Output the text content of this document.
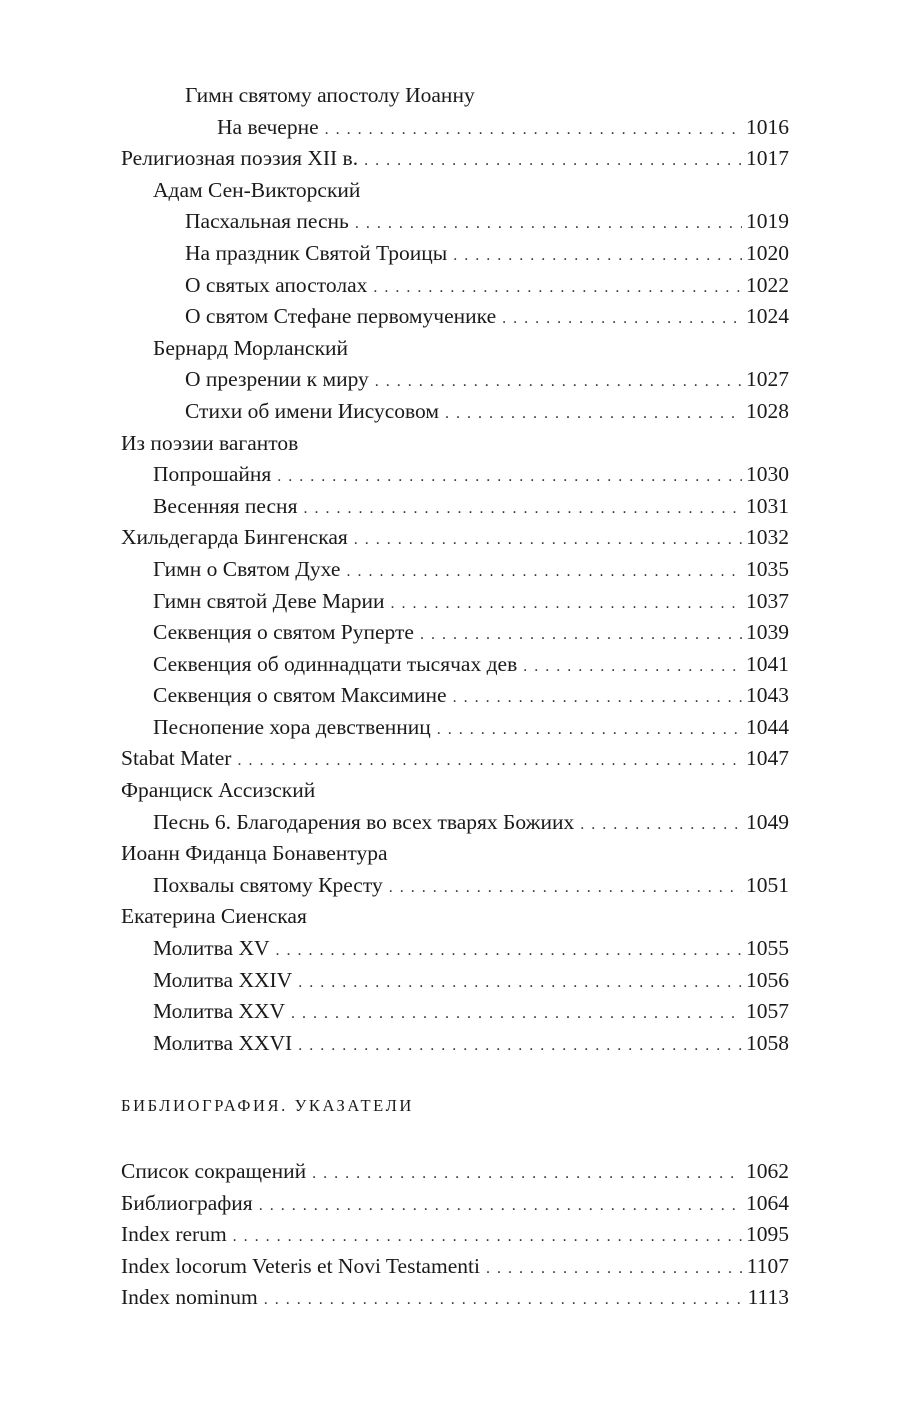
Гимн святому апостолу Иоанну
На вечерне . . .	1016
Религиозная поэзия XII в. . . .	1017
Адам Сен-Викторский
Пасхальная песнь . . .	1019
На праздник Святой Троицы . . .	1020
О святых апостолах . . .	1022
О святом Стефане первомученике . . .	1024
Бернард Морланский
О презрении к миру . . .	1027
Стихи об имени Иисусовом . . .	1028
Из поэзии вагантов
Попрошайня . . .	1030
Весенняя песня . . .	1031
Хильдегарда Бингенская . . .	1032
Гимн о Святом Духе . . .	1035
Гимн святой Деве Марии . . .	1037
Секвенция о святом Руперте . . .	1039
Секвенция об одиннадцати тысячах дев . . .	1041
Секвенция о святом Максимине . . .	1043
Песнопение хора девственниц . . .	1044
Stabat Mater . . .	1047
Франциск Ассизский
Песнь 6. Благодарения во всех тварях Божиих . . .	1049
Иоанн Фиданца Бонавентура
Похвалы святому Кресту . . .	1051
Екатерина Сиенская
Молитва XV . . .	1055
Молитва XXIV . . .	1056
Молитва XXV . . .	1057
Молитва XXVI . . .	1058
БИБЛИОГРАФИЯ. УКАЗАТЕЛИ
Список сокращений . . .	1062
Библиография . . .	1064
Index rerum . . .	1095
Index locorum Veteris et Novi Testamenti . . .	1107
Index nominum . . .	1113
